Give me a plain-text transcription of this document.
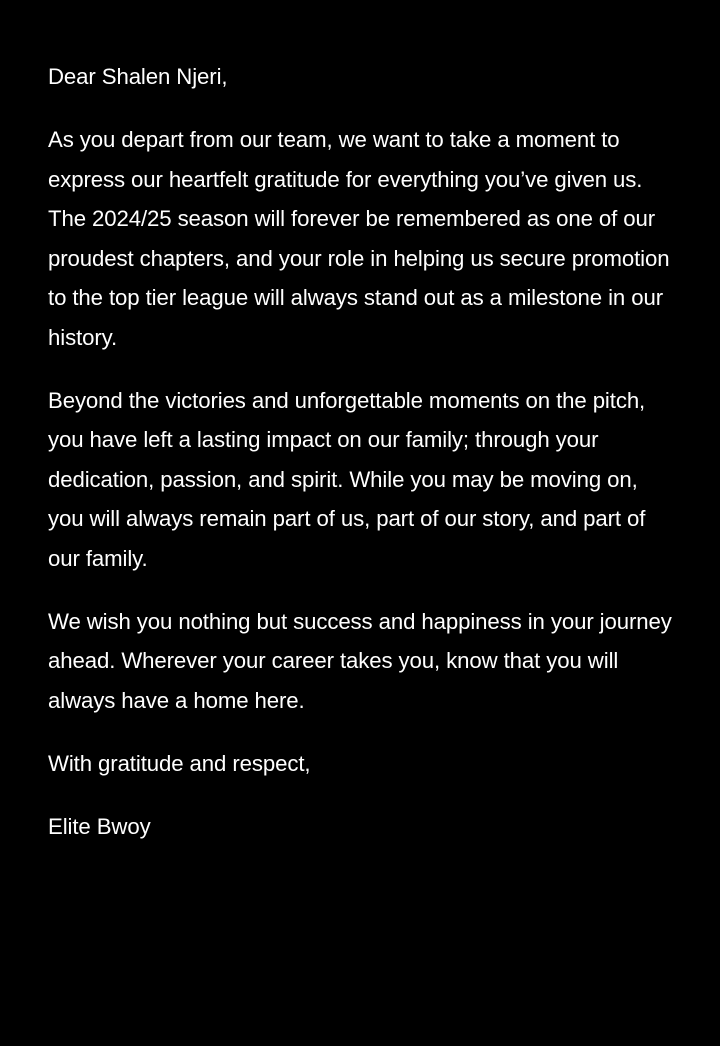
Dear Shalen Njeri,

As you depart from our team, we want to take a moment to express our heartfelt gratitude for everything you’ve given us. The 2024/25 season will forever be remembered as one of our proudest chapters, and your role in helping us secure promotion to the top tier league will always stand out as a milestone in our history.

Beyond the victories and unforgettable moments on the pitch, you have left a lasting impact on our family; through your dedication, passion, and spirit. While you may be moving on, you will always remain part of us, part of our story, and part of our family.

We wish you nothing but success and happiness in your journey ahead. Wherever your career takes you, know that you will always have a home here.

With gratitude and respect,

Elite Bwoy
